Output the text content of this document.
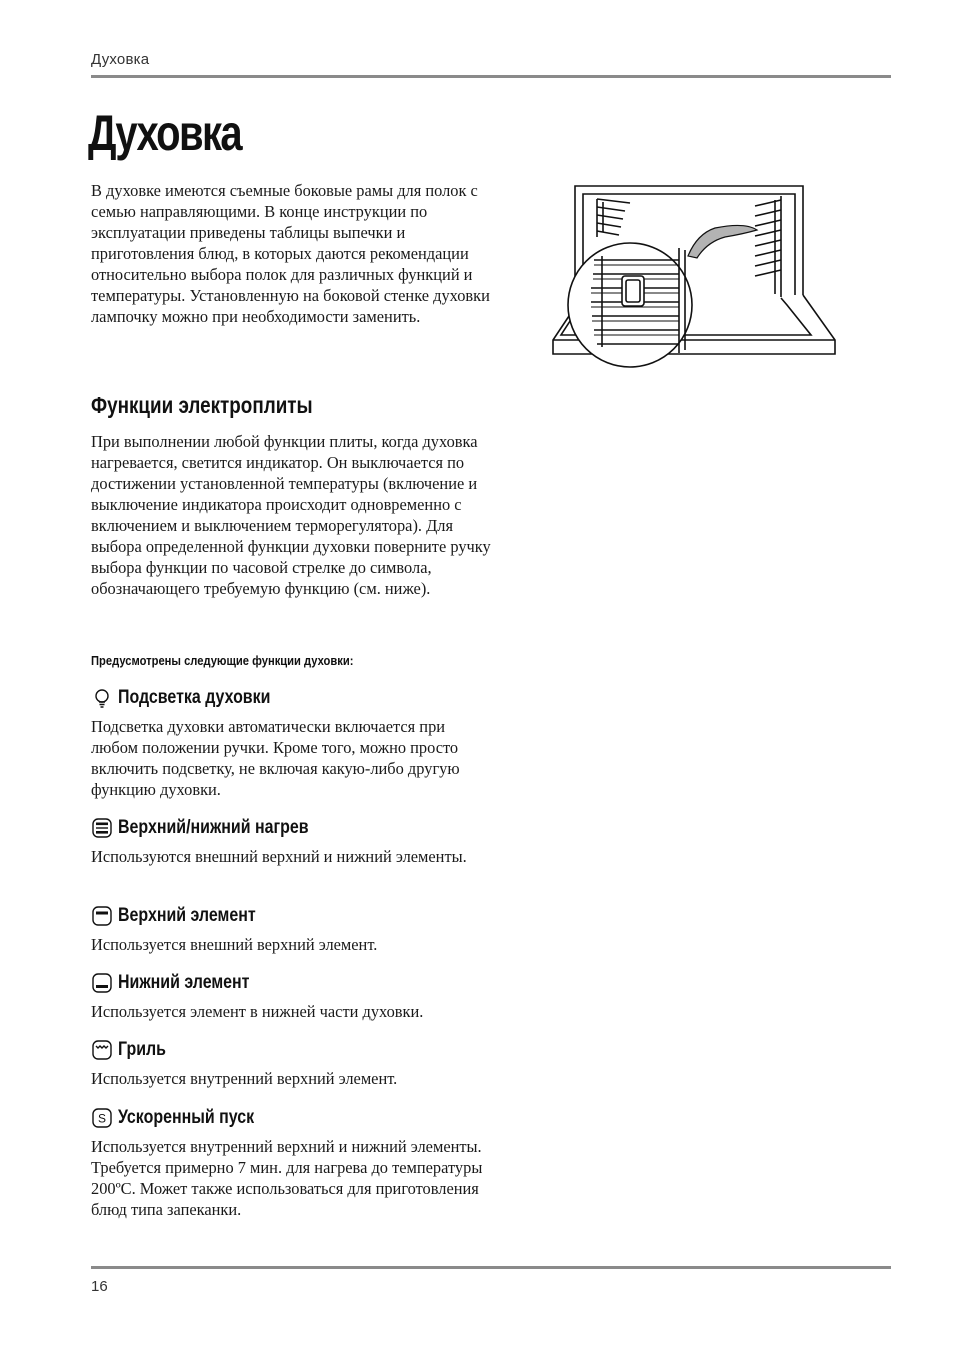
Духовка
Духовка

В духовке имеются съемные боковые рамы для полок с семью направляющими. В конце инструкции по эксплуатации приведены таблицы выпечки и приготовления блюд, в которых даются рекомендации относительно выбора полок для различных функций и температуры. Установленную на боковой стенке духовки лампочку можно при необходимости заменить.

Функции электроплиты

При выполнении любой функции плиты, когда духовка нагревается, светится индикатор. Он выключается по достижении установленной температуры (включение и выключение индикатора происходит одновременно с включением и выключением терморегулятора). Для выбора определенной функции духовки поверните ручку выбора функции по часовой стрелке до символа, обозначающего требуемую функцию (см. ниже).

Предусмотрены следующие функции духовки:
Подсветка духовки

Подсветка духовки автоматически включается при любом положении ручки. Кроме того, можно просто включить подсветку, не включая какую-либо другую функцию духовки.

Верхний/нижний нагрев

Используются внешний верхний и нижний элементы.

Верхний элемент

Используется внешний верхний элемент.

Нижний элемент

Используется элемент в нижней части духовки.

Гриль

Используется внутренний верхний элемент.

S Ускоренный пуск

Используется внутренний верхний и нижний элементы. Требуется примерно 7 мин. для нагрева до температуры 200ºС. Может также использоваться для приготовления блюд типа запеканки.

16
